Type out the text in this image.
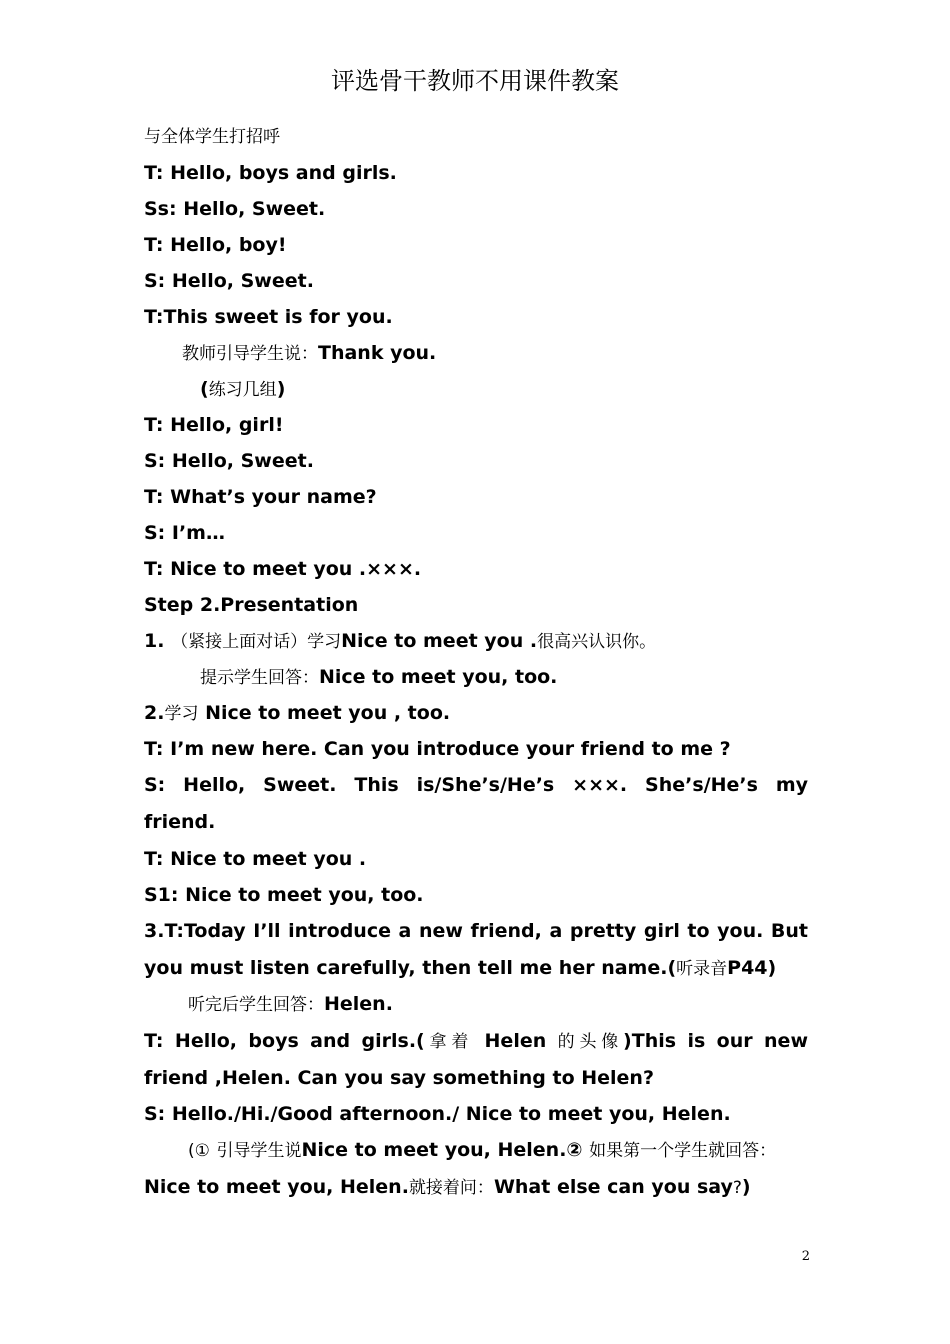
评选骨干教师不用课件教案
与全体学生打招呼
T: Hello, boys and girls.
Ss: Hello, Sweet.
T: Hello, boy!
S: Hello, Sweet.
T:This sweet is for you.
教师引导学生说：Thank you.
(练习几组)
T: Hello, girl!
S: Hello, Sweet.
T: What’s your name?
S: I’m…
T: Nice to meet you .×××.
Step 2.Presentation
1. （紧接上面对话）学习Nice to meet you .很高兴认识你。
提示学生回答：Nice to meet you, too.
2.学习 Nice to meet you , too.
T: I’m new here. Can you introduce your friend to me ?
S: Hello, Sweet. This is/She’s/He’s ×××. She’s/He’s my
friend.
T: Nice to meet you .
S1: Nice to meet you, too.
3.T:Today I’ll introduce a new friend, a pretty girl to you. But
you must listen carefully, then tell me her name.(听录音P44)
听完后学生回答：Helen.
T: Hello, boys and girls.(拿着 Helen 的头像)This is our new
friend ,Helen. Can you say something to Helen?
S: Hello./Hi./Good afternoon./ Nice to meet you, Helen.
(① 引导学生说Nice to meet you, Helen.② 如果第一个学生就回答：
Nice to meet you, Helen.就接着问：What else can you say?)
2
